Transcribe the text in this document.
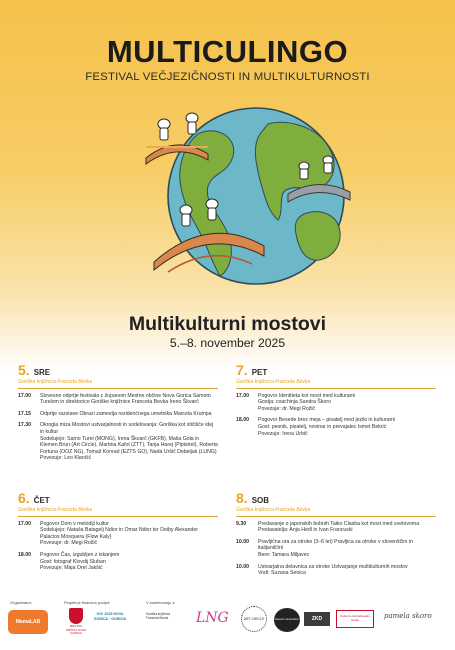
MULTICULINGO
FESTIVAL VEČJEZIČNOSTI IN MULTIKULTURNOSTI
Multikulturni mostovi
5.–8. november 2025
5. SRE
Goriška knjižnica Franceta Bevka
17.00	Slovesno odprtje festivala z županom Mestne občine Nova Gorica Samom Turelom in direktorico Goriške knjižnice Franceta Bevka Ireno Škvarč
17.15	Odprtje razstave Obrazi zamestja rezidenčnega umetnika Marcela Krumpa
17.30	Okrogla miza Mostovi ustvarjalnosti in sodelovanja: Goriška kot stičišče idej in kultur
Sodelujejo: Samo Turel (MONG), Irena Škvarč (GKFB), Maša Gola in Klemen Brun (Art Circle), Martina Kafol (ZTT), Tanja Harej (Pipistrel), Roberta Fortuna (OOZ NG), Tomaž Konrad (EZTS GO), Nada Uršič Debeljak (LUNG)
Povezuje: Leo Klančič
6. ČET
Goriška knjižnica Franceta Bevka
17.00	Pogovor Dom v melodiji kultur
Sodelujejo: Nataša Batagelj Ndior in Omar Ndior ter Deiby Alexander Palacios Mosquera (Flow Kaly)
Povezuje: dr. Megi Rožič
18.00	Pogovor Čas, izgubljen z iskanjem
Gost: fotograf Klovdij Sluban
Povezuje: Maja Orel Jakšić
7. PET
Goriška knjižnica Franceta Bevka
17.00	Pogovor Identiteta kot most med kulturami
Gostja: coachinja Sandra Škoro
Povezuje: dr. Megi Rožič
18.00	Pogovor Besede brez meja – pisatelj med jeziki in kulturami
Gost: pesnik, pisatelj, novinar in prevajalec Ismet Bekrić
Povezuje: Irena Urbič
8. SOB
Goriška knjižnica Franceta Bevka
9.30	Predavanje o japonskih bobnih Taiko Clasba kot most med svetovoma
Predavatelja: Anja Hedl in Ivan Francuski
10.00	Pravljična ura za otroke (3–6 let) Pravljica za otroke v slovenščini in italijanščini
Bere: Tamara Miljavec
10.00	Ustvarjalna delavnica za otroke Ustvarjanje multikulturnih mostov
Vodi: Suzana Senica
Organizator:	Projekt je finančno podprt:	V sodelovanju z:
MamaLAB
MESTNA OBČINA NOVA GORICA
GO! 2025 NOVA GORICA · GORIZIA
Goriška knjižnica Franceta Bevka	LNG	ART CIRCLE	zavod z razsodnim	ZKD	Kulturno izobraževalni center	pamela skoro
